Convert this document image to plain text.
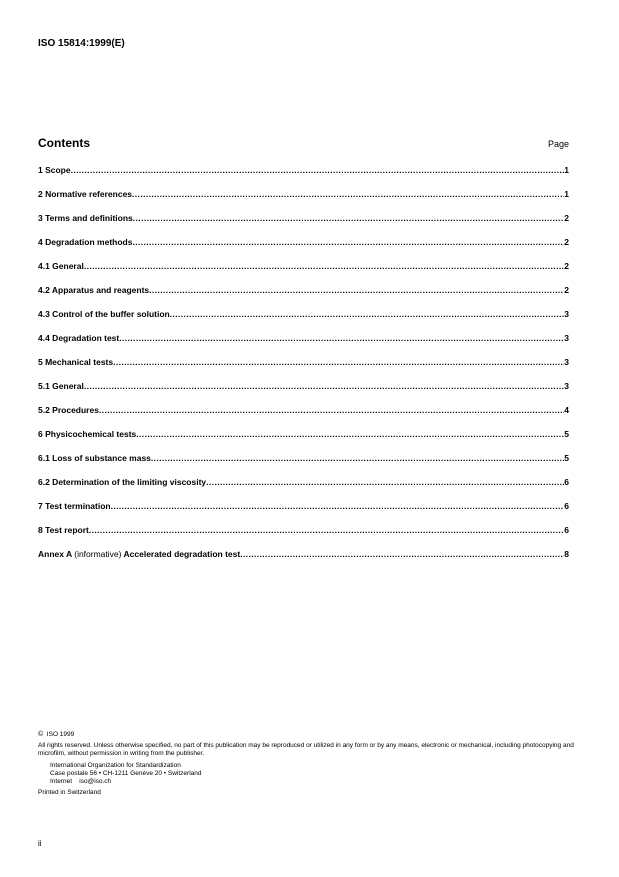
ISO 15814:1999(E)
Contents	Page
1 Scope .....	1
2 Normative references .....	1
3 Terms and definitions .....	2
4 Degradation methods .....	2
4.1 General .....	2
4.2 Apparatus and reagents .....	2
4.3 Control of the buffer solution .....	3
4.4 Degradation test .....	3
5 Mechanical tests .....	3
5.1 General .....	3
5.2 Procedures .....	4
6 Physicochemical tests .....	5
6.1 Loss of substance mass .....	5
6.2 Determination of the limiting viscosity .....	6
7 Test termination .....	6
8 Test report .....	6
Annex A (informative) Accelerated degradation test .....	8
© ISO 1999
All rights reserved. Unless otherwise specified, no part of this publication may be reproduced or utilized in any form or by any means, electronic or mechanical, including photocopying and microfilm, without permission in writing from the publisher.
International Organization for Standardization
Case postale 56 • CH-1211 Genève 20 • Switzerland
Internet iso@iso.ch
Printed in Switzerland
ii
